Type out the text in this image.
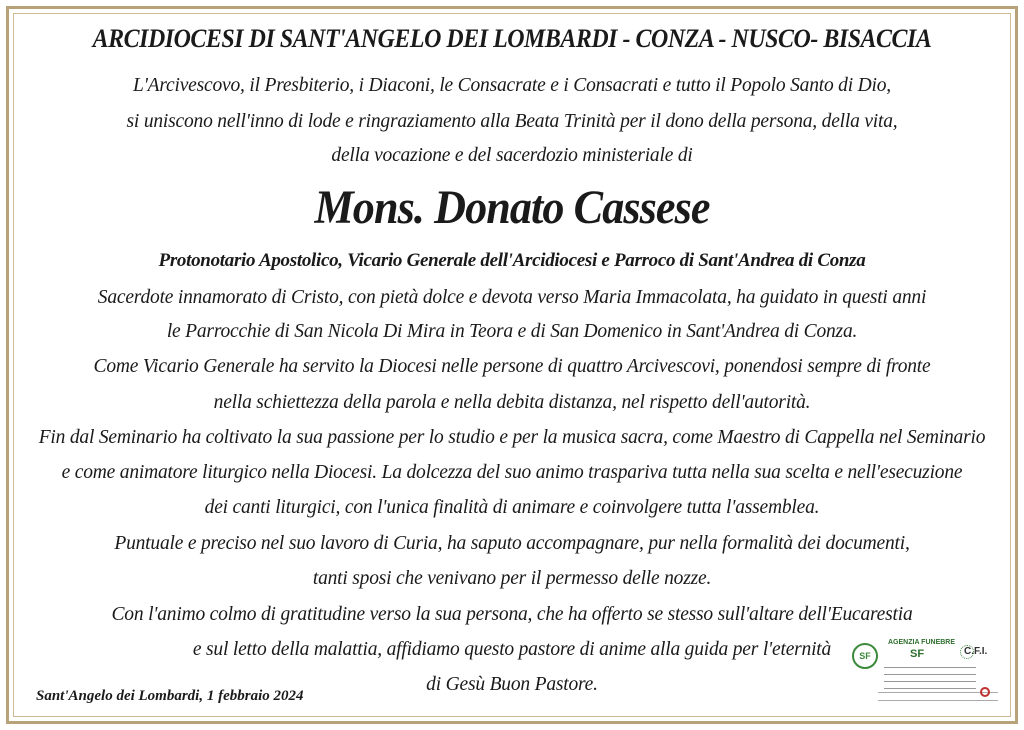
ARCIDIOCESI DI SANT'ANGELO DEI LOMBARDI - CONZA - NUSCO- BISACCIA
L'Arcivescovo, il Presbiterio, i Diaconi, le Consacrate e i Consacrati e tutto il Popolo Santo di Dio,
si uniscono nell'inno di lode e ringraziamento alla Beata Trinità per il dono della persona, della vita,
della vocazione e del sacerdozio ministeriale di
Mons. Donato Cassese
Protonotario Apostolico, Vicario Generale dell'Arcidiocesi e Parroco di Sant'Andrea di Conza
Sacerdote innamorato di Cristo, con pietà dolce e devota verso Maria Immacolata, ha guidato in questi anni
le Parrocchie di San Nicola Di Mira in Teora e di San Domenico in Sant'Andrea di Conza.
Come Vicario Generale ha servito la Diocesi nelle persone di quattro Arcivescovi, ponendosi sempre di fronte
nella schiettezza della parola e nella debita distanza, nel rispetto dell'autorità.
Fin dal Seminario ha coltivato la sua passione per lo studio e per la musica sacra, come Maestro di Cappella nel Seminario
e come animatore liturgico nella Diocesi. La dolcezza del suo animo traspariva tutta nella sua scelta e nell'esecuzione
dei canti liturgici, con l'unica finalità di animare e coinvolgere tutta l'assemblea.
Puntuale e preciso nel suo lavoro di Curia, ha saputo accompagnare, pur nella formalità dei documenti,
tanti sposi che venivano per il permesso delle nozze.
Con l'animo colmo di gratitudine verso la sua persona, che ha offerto se stesso sull'altare dell'Eucarestia
e sul letto della malattia, affidiamo questo pastore di anime alla guida per l'eternità
di Gesù Buon Pastore.
Sant'Angelo dei Lombardi, 1 febbraio 2024
SF
AGENZIA FUNEBRE
SF	C.F.I.
